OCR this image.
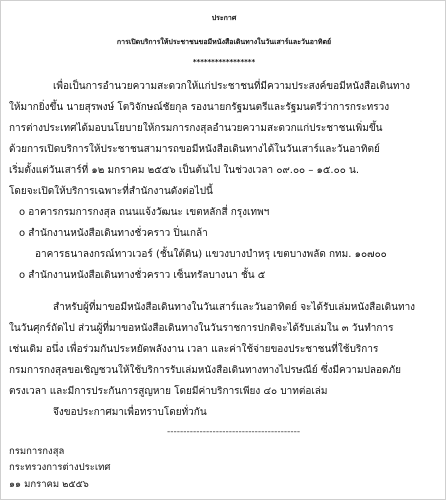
ประกาศ
การเปิดบริการให้ประชาชนขอมีหนังสือเดินทางในวันเสาร์และวันอาทิตย์
*****************
เพื่อเป็นการอำนวยความสะดวกให้แก่ประชาชนที่มีความประสงค์ขอมีหนังสือเดินทาง
ให้มากยิ่งขึ้น นายสุรพงษ์ โตวิจักษณ์ชัยกุล รองนายกรัฐมนตรีและรัฐมนตรีว่าการกระทรวง
การต่างประเทศได้มอบนโยบายให้กรมการกงสุลอำนวยความสะดวกแก่ประชาชนเพิ่มขึ้น
ด้วยการเปิดบริการให้ประชาชนสามารถขอมีหนังสือเดินทางได้ในวันเสาร์และวันอาทิตย์
เริ่มตั้งแต่วันเสาร์ที่ ๑๒ มกราคม ๒๕๕๖ เป็นต้นไป ในช่วงเวลา ๐๙.๐๐ – ๑๕.๐๐ น.
โดยจะเปิดให้บริการเฉพาะที่สำนักงานดังต่อไปนี้
o อาคารกรมการกงสุล ถนนแจ้งวัฒนะ เขตหลักสี่ กรุงเทพฯ
o สำนักงานหนังสือเดินทางชั่วคราว ปิ่นเกล้า
อาคารธนาลงกรณ์ทาวเวอร์ (ชั้นใต้ดิน) แขวงบางบำหรุ เขตบางพลัด กทม. ๑๐๗๐๐
o สำนักงานหนังสือเดินทางชั่วคราว เซ็นทรัลบางนา ชั้น ๕
สำหรับผู้ที่มาขอมีหนังสือเดินทางในวันเสาร์และวันอาทิตย์ จะได้รับเล่มหนังสือเดินทาง
ในวันศุกร์ถัดไป ส่วนผู้ที่มาขอหนังสือเดินทางในวันราชการปกติจะได้รับเล่มใน ๓ วันทำการ
เช่นเดิม อนึ่ง เพื่อร่วมกันประหยัดพลังงาน เวลา และค่าใช้จ่ายของประชาชนที่ใช้บริการ
กรมการกงสุลขอเชิญชวนให้ใช้บริการรับเล่มหนังสือเดินทางทางไปรษณีย์ ซึ่งมีความปลอดภัย
ตรงเวลา และมีการประกันการสูญหาย โดยมีค่าบริการเพียง ๔๐ บาทต่อเล่ม
จึงขอประกาศมาเพื่อทราบโดยทั่วกัน
-----------------------------------------
กรมการกงสุล
กระทรวงการต่างประเทศ
๑๑ มกราคม ๒๕๕๖
